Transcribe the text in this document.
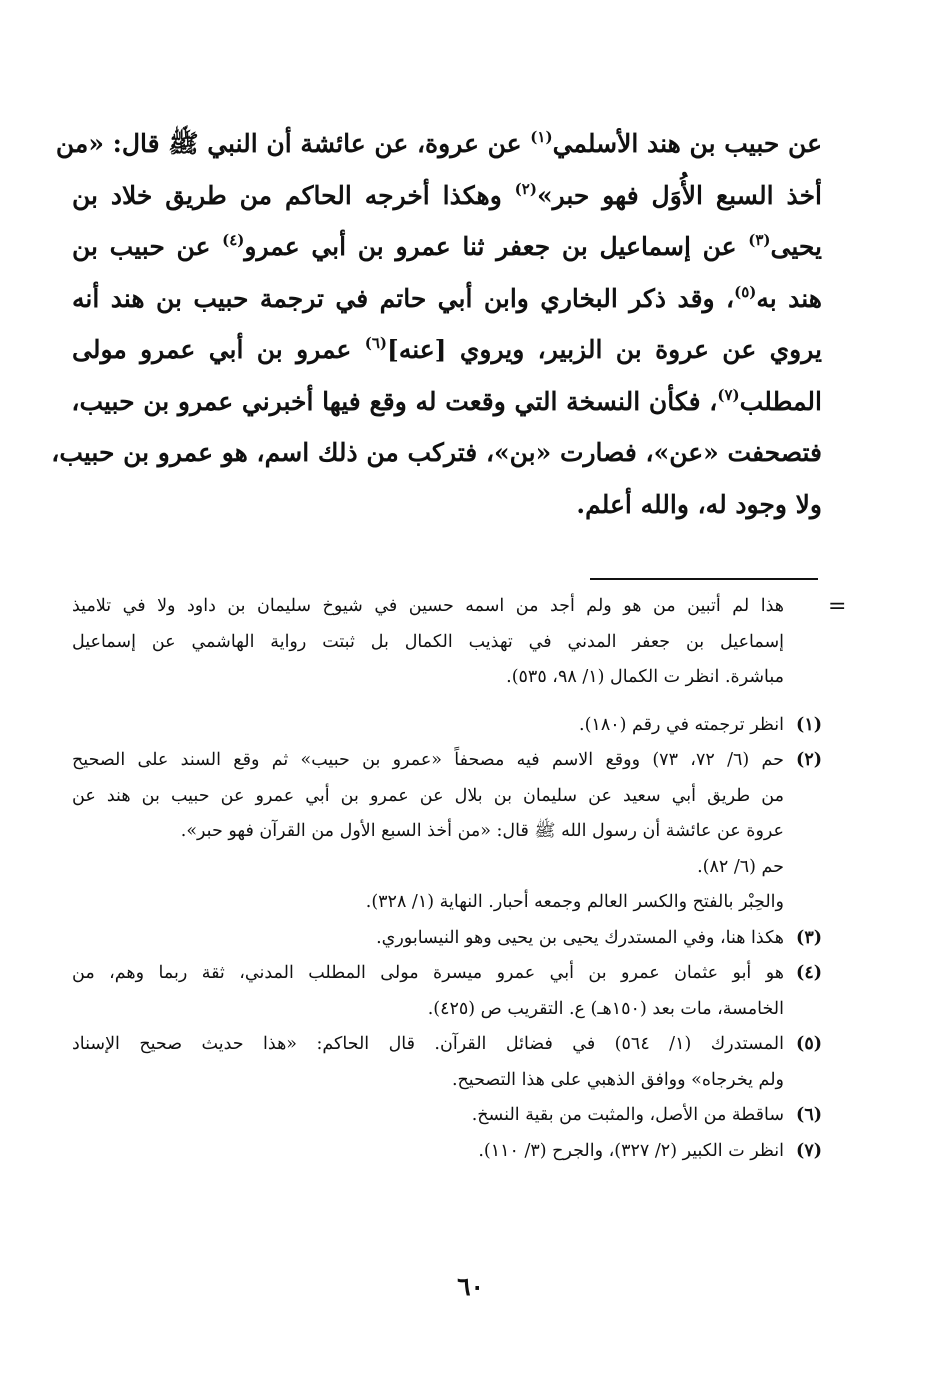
عن حبيب بن هند الأسلمي$^{(١)}$ عن عروة، عن عائشة أن النبي ﷺ قال: «من
أخذ السبع الأُوَل فهو حبر»$^{(٢)}$ وهكذا أخرجه الحاكم من طريق خلاد بن
يحيى$^{(٣)}$ عن إسماعيل بن جعفر ثنا عمرو بن أبي عمرو$^{(٤)}$ عن حبيب بن
هند به$^{(٥)}$، وقد ذكر البخاري وابن أبي حاتم في ترجمة حبيب بن هند أنه
يروي عن عروة بن الزبير، ويروي [عنه]$^{(٦)}$ عمرو بن أبي عمرو مولى
المطلب$^{(٧)}$، فكأن النسخة التي وقعت له وقع فيها أخبرني عمرو بن حبيب،
فتصحفت «عن»، فصارت «بن»، فتركب من ذلك اسم، هو عمرو بن حبيب،
ولا وجود له، والله أعلم.
=
هذا لم أتبين من هو ولم أجد من اسمه حسين في شيوخ سليمان بن داود ولا في تلاميذ
إسماعيل بن جعفر المدني في تهذيب الكمال بل ثبتت رواية الهاشمي عن إسماعيل
مباشرة. انظر ت الكمال (١/ ٩٨، ٥٣٥).
(١)
انظر ترجمته في رقم (١٨٠).
(٢)
حم (٦/ ٧٢، ٧٣) ووقع الاسم فيه مصحفاً «عمرو بن حبيب» ثم وقع السند على الصحيح
من طريق أبي سعيد عن سليمان بن بلال عن عمرو بن أبي عمرو عن حبيب بن هند عن
عروة عن عائشة أن رسول الله ﷺ قال: «من أخذ السبع الأول من القرآن فهو حبر».
حم (٦/ ٨٢).
والحِبْر بالفتح والكسر العالم وجمعه أحبار. النهاية (١/ ٣٢٨).
(٣)
هكذا هنا، وفي المستدرك يحيى بن يحيى وهو النيسابوري.
(٤)
هو أبو عثمان عمرو بن أبي عمرو ميسرة مولى المطلب المدني، ثقة ربما وهم، من
الخامسة، مات بعد (١٥٠هـ) ع. التقريب ص (٤٢٥).
(٥)
المستدرك (١/ ٥٦٤) في فضائل القرآن. قال الحاكم: «هذا حديث صحيح الإسناد
ولم يخرجاه» ووافق الذهبي على هذا التصحيح.
(٦)
ساقطة من الأصل، والمثبت من بقية النسخ.
(٧)
انظر ت الكبير (٢/ ٣٢٧)، والجرح (٣/ ١١٠).
٦٠
